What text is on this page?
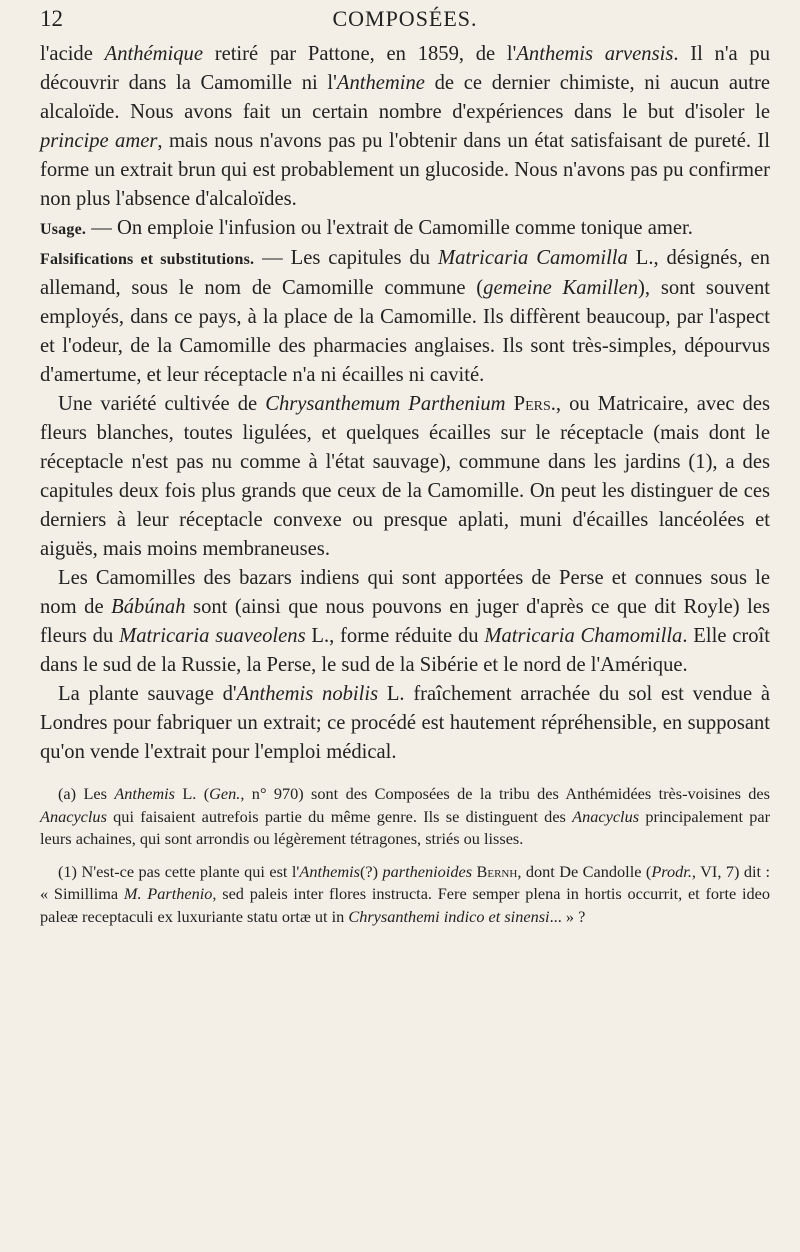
12	COMPOSÉES.

l'acide Anthémique retiré par Pattone, en 1859, de l'Anthemis arvensis. Il n'a pu découvrir dans la Camomille ni l'Anthemine de ce dernier chimiste, ni aucun autre alcaloïde. Nous avons fait un certain nombre d'expériences dans le but d'isoler le principe amer, mais nous n'avons pas pu l'obtenir dans un état satisfaisant de pureté. Il forme un extrait brun qui est probablement un glucoside. Nous n'avons pas pu confirmer non plus l'absence d'alcaloïdes.

Usage. — On emploie l'infusion ou l'extrait de Camomille comme tonique amer.

Falsifications et substitutions. — Les capitules du Matricaria Camomilla L., désignés, en allemand, sous le nom de Camomille commune (gemeine Kamillen), sont souvent employés, dans ce pays, à la place de la Camomille. Ils diffèrent beaucoup, par l'aspect et l'odeur, de la Camomille des pharmacies anglaises. Ils sont très-simples, dépourvus d'amertume, et leur réceptacle n'a ni écailles ni cavité.

Une variété cultivée de Chrysanthemum Parthenium Pers., ou Matricaire, avec des fleurs blanches, toutes ligulées, et quelques écailles sur le réceptacle (mais dont le réceptacle n'est pas nu comme à l'état sauvage), commune dans les jardins (1), a des capitules deux fois plus grands que ceux de la Camomille. On peut les distinguer de ces derniers à leur réceptacle convexe ou presque aplati, muni d'écailles lancéolées et aiguës, mais moins membraneuses.

Les Camomilles des bazars indiens qui sont apportées de Perse et connues sous le nom de Bábúnah sont (ainsi que nous pouvons en juger d'après ce que dit Royle) les fleurs du Matricaria suaveolens L., forme réduite du Matricaria Chamomilla. Elle croît dans le sud de la Russie, la Perse, le sud de la Sibérie et le nord de l'Amérique.

La plante sauvage d'Anthemis nobilis L. fraîchement arrachée du sol est vendue à Londres pour fabriquer un extrait; ce procédé est hautement répréhensible, en supposant qu'on vende l'extrait pour l'emploi médical.

(a) Les Anthemis L. (Gen., n° 970) sont des Composées de la tribu des Anthémidées très-voisines des Anacyclus qui faisaient autrefois partie du même genre. Ils se distinguent des Anacyclus principalement par leurs achaines, qui sont arrondis ou légèrement tétragones, striés ou lisses.

(1) N'est-ce pas cette plante qui est l'Anthemis(?) parthenioides Bernh, dont De Candolle (Prodr., VI, 7) dit : « Simillima M. Parthenio, sed paleis inter flores instructa. Fere semper plena in hortis occurrit, et forte ideo paleæ receptaculi ex luxuriante statu ortæ ut in Chrysanthemi indico et sinensi... » ?
